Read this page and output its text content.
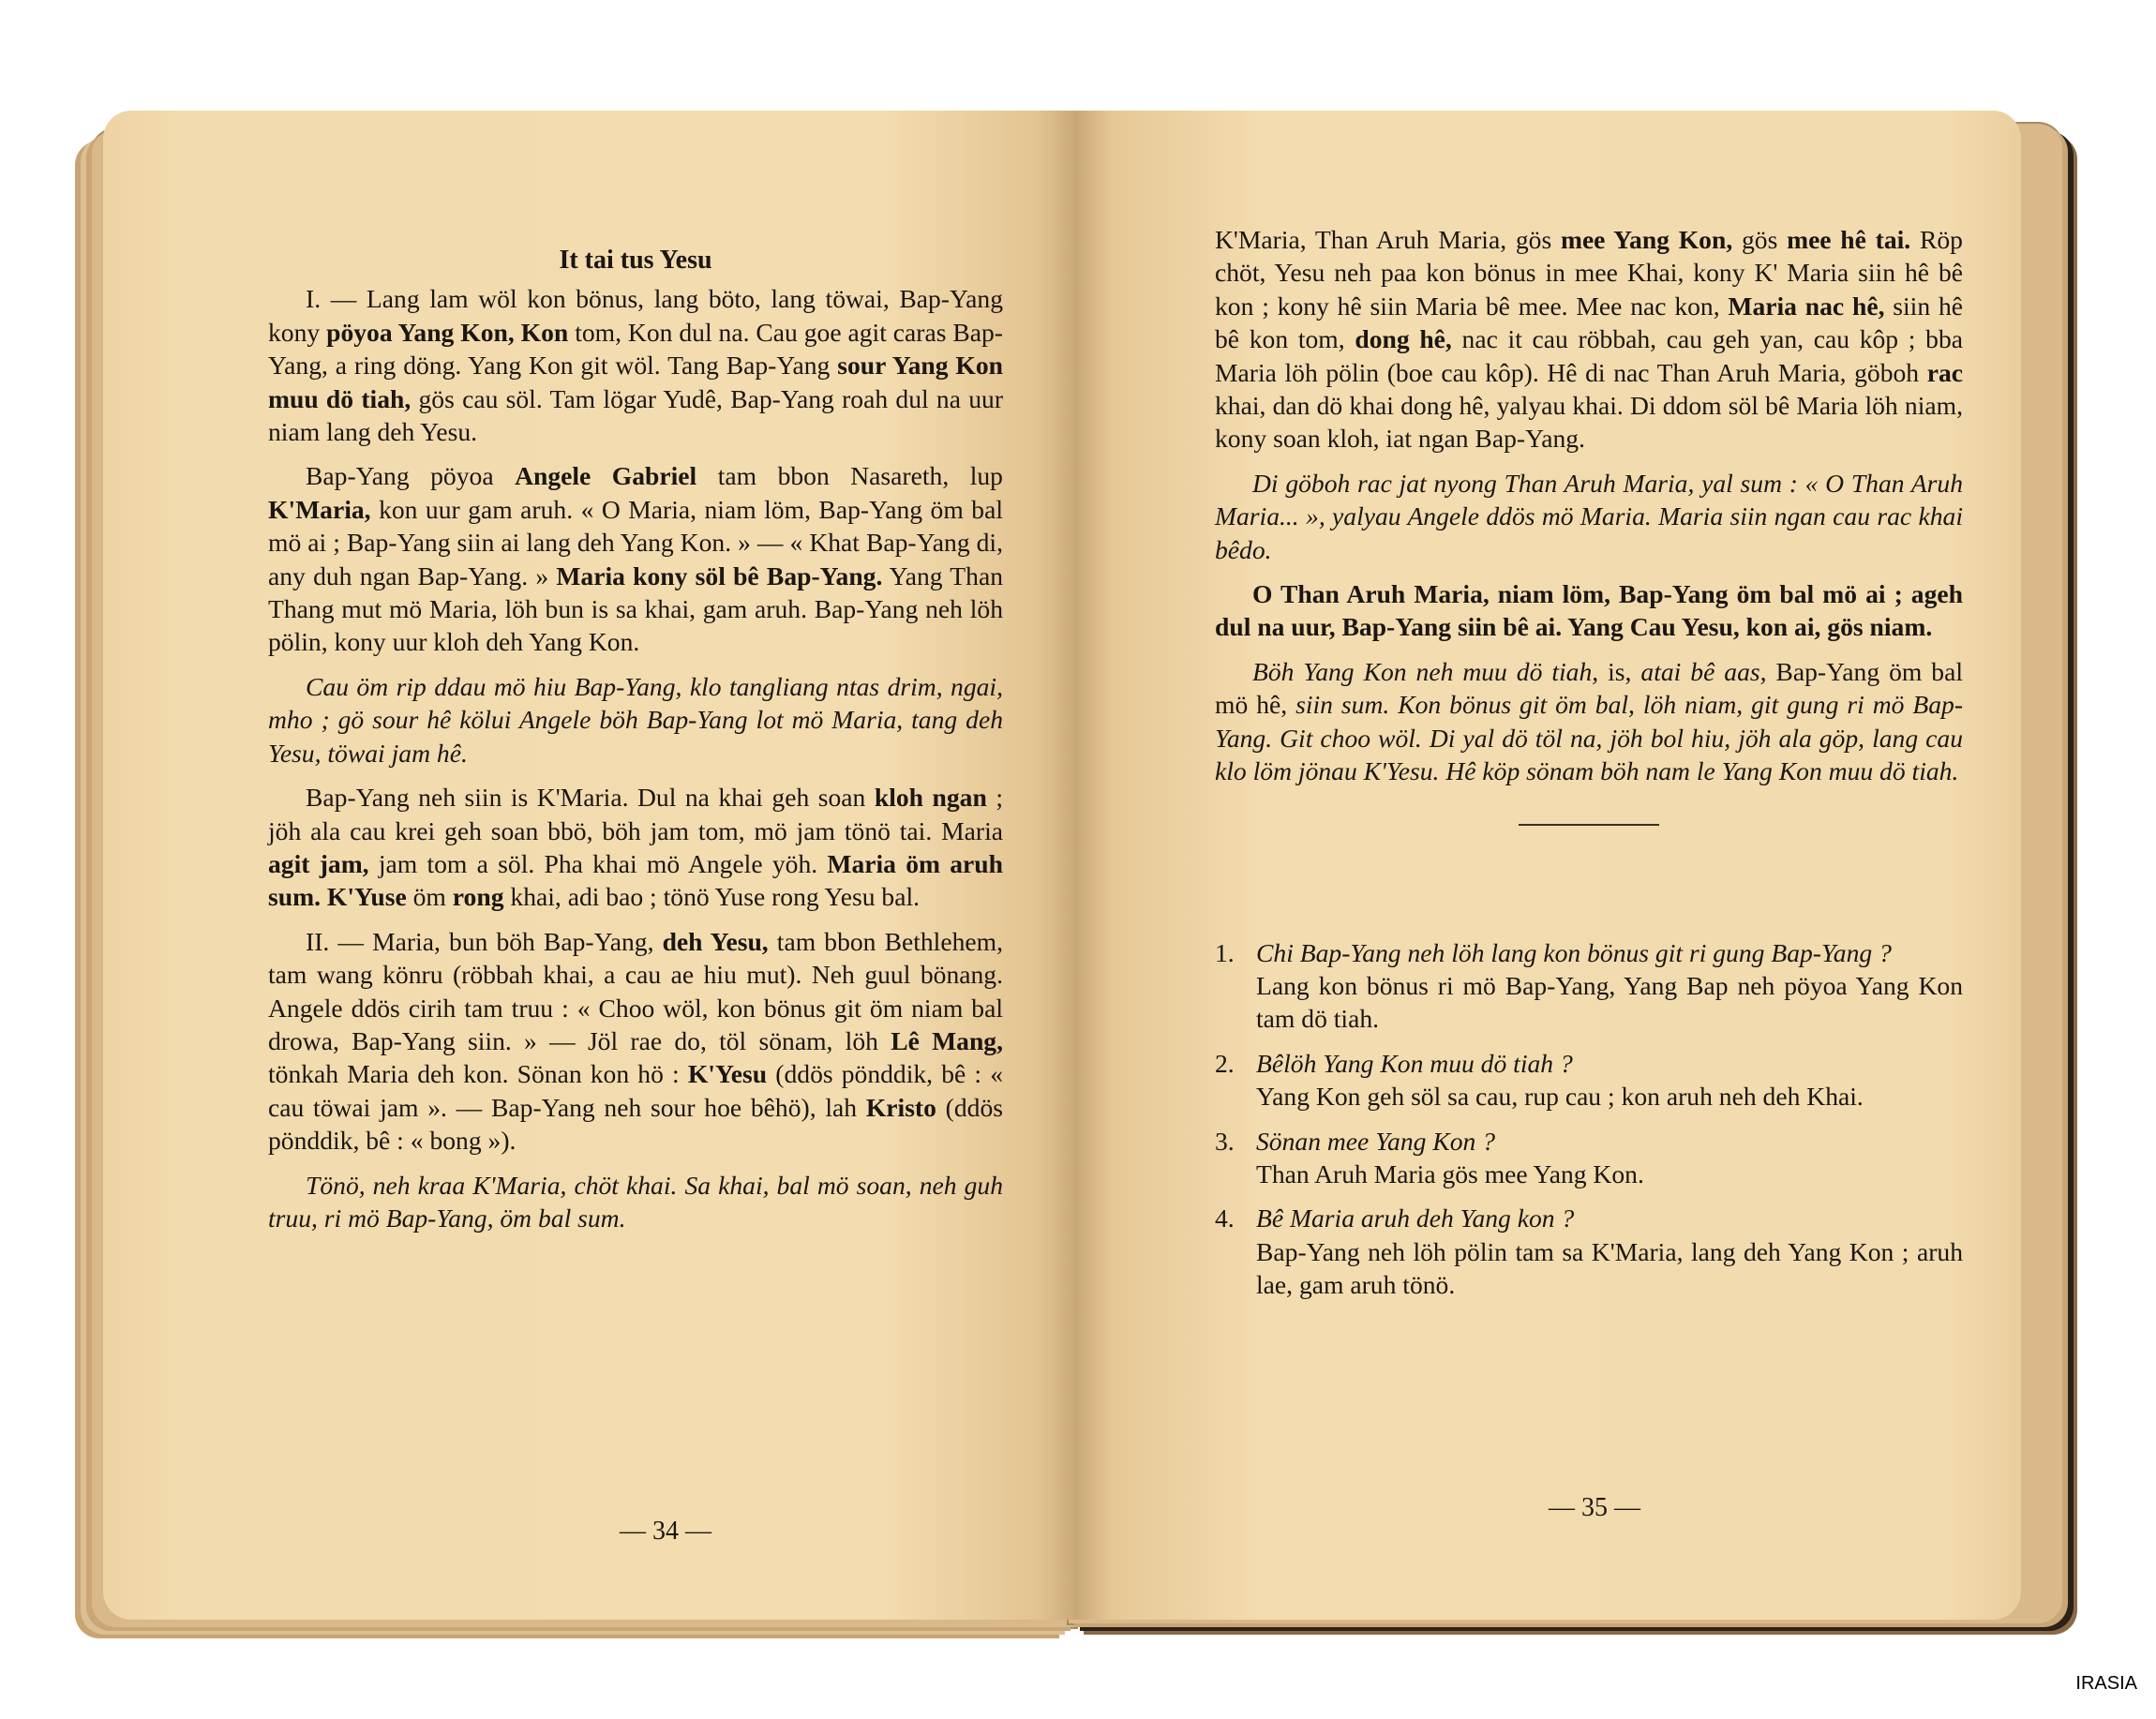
It tai tus Yesu

I. — Lang lam wöl kon bönus, lang böto, lang töwai, Bap-Yang kony pöyoa Yang Kon, Kon tom, Kon dul na. Cau goe agit caras Bap-Yang, a ring döng. Yang Kon git wöl. Tang Bap-Yang sour Yang Kon muu dö tiah, gös cau söl. Tam lögar Yudê, Bap-Yang roah dul na uur niam lang deh Yesu.

Bap-Yang pöyoa Angele Gabriel tam bbon Nasareth, lup K'Maria, kon uur gam aruh. « O Maria, niam löm, Bap-Yang öm bal mö ai ; Bap-Yang siin ai lang deh Yang Kon. » — « Khat Bap-Yang di, any duh ngan Bap-Yang. » Maria kony söl bê Bap-Yang. Yang Than Thang mut mö Maria, löh bun is sa khai, gam aruh. Bap-Yang neh löh pölin, kony uur kloh deh Yang Kon.

Cau öm rip ddau mö hiu Bap-Yang, klo tangliang ntas drim, ngai, mho ; gö sour hê kölui Angele böh Bap-Yang lot mö Maria, tang deh Yesu, töwai jam hê.

Bap-Yang neh siin is K'Maria. Dul na khai geh soan kloh ngan ; jöh ala cau krei geh soan bbö, böh jam tom, mö jam tönö tai. Maria agit jam, jam tom a söl. Pha khai mö Angele yöh. Maria öm aruh sum. K'Yuse öm rong khai, adi bao ; tönö Yuse rong Yesu bal.

II. — Maria, bun böh Bap-Yang, deh Yesu, tam bbon Bethlehem, tam wang könru (röbbah khai, a cau ae hiu mut). Neh guul bönang. Angele ddös cirih tam truu : « Choo wöl, kon bönus git öm niam bal drowa, Bap-Yang siin. » — Jöl rae do, töl sönam, löh Lê Mang, tönkah Maria deh kon. Sönan kon hö : K'Yesu (ddös pönddik, bê : « cau töwai jam ». — Bap-Yang neh sour hoe bêhö), lah Kristo (ddös pönddik, bê : « bong »).

Tönö, neh kraa K'Maria, chöt khai. Sa khai, bal mö soan, neh guh truu, ri mö Bap-Yang, öm bal sum.

— 34 —

K'Maria, Than Aruh Maria, gös mee Yang Kon, gös mee hê tai. Röp chöt, Yesu neh paa kon bönus in mee Khai, kony K' Maria siin hê bê kon ; kony hê siin Maria bê mee. Mee nac kon, Maria nac hê, siin hê bê kon tom, dong hê, nac it cau röbbah, cau geh yan, cau kôp ; bba Maria löh pölin (boe cau kôp). Hê di nac Than Aruh Maria, göboh rac khai, dan dö khai dong hê, yalyau khai. Di ddom söl bê Maria löh niam, kony soan kloh, iat ngan Bap-Yang.

Di göboh rac jat nyong Than Aruh Maria, yal sum : « O Than Aruh Maria... », yalyau Angele ddös mö Maria. Maria siin ngan cau rac khai bêdo.

O Than Aruh Maria, niam löm, Bap-Yang öm bal mö ai ; ageh dul na uur, Bap-Yang siin bê ai. Yang Cau Yesu, kon ai, gös niam.

Böh Yang Kon neh muu dö tiah, is, atai bê aas, Bap-Yang öm bal mö hê, siin sum. Kon bönus git öm bal, löh niam, git gung ri mö Bap-Yang. Git choo wöl. Di yal dö töl na, jöh bol hiu, jöh ala göp, lang cau klo löm jönau K'Yesu. Hê köp sönam böh nam le Yang Kon muu dö tiah.

1. Chi Bap-Yang neh löh lang kon bönus git ri gung Bap-Yang ?
Lang kon bönus ri mö Bap-Yang, Yang Bap neh pöyoa Yang Kon tam dö tiah.
2. Bêlöh Yang Kon muu dö tiah ?
Yang Kon geh söl sa cau, rup cau ; kon aruh neh deh Khai.
3. Sönan mee Yang Kon ?
Than Aruh Maria gös mee Yang Kon.
4. Bê Maria aruh deh Yang kon ?
Bap-Yang neh löh pölin tam sa K'Maria, lang deh Yang Kon ; aruh lae, gam aruh tönö.
— 35 —
IRASIA
